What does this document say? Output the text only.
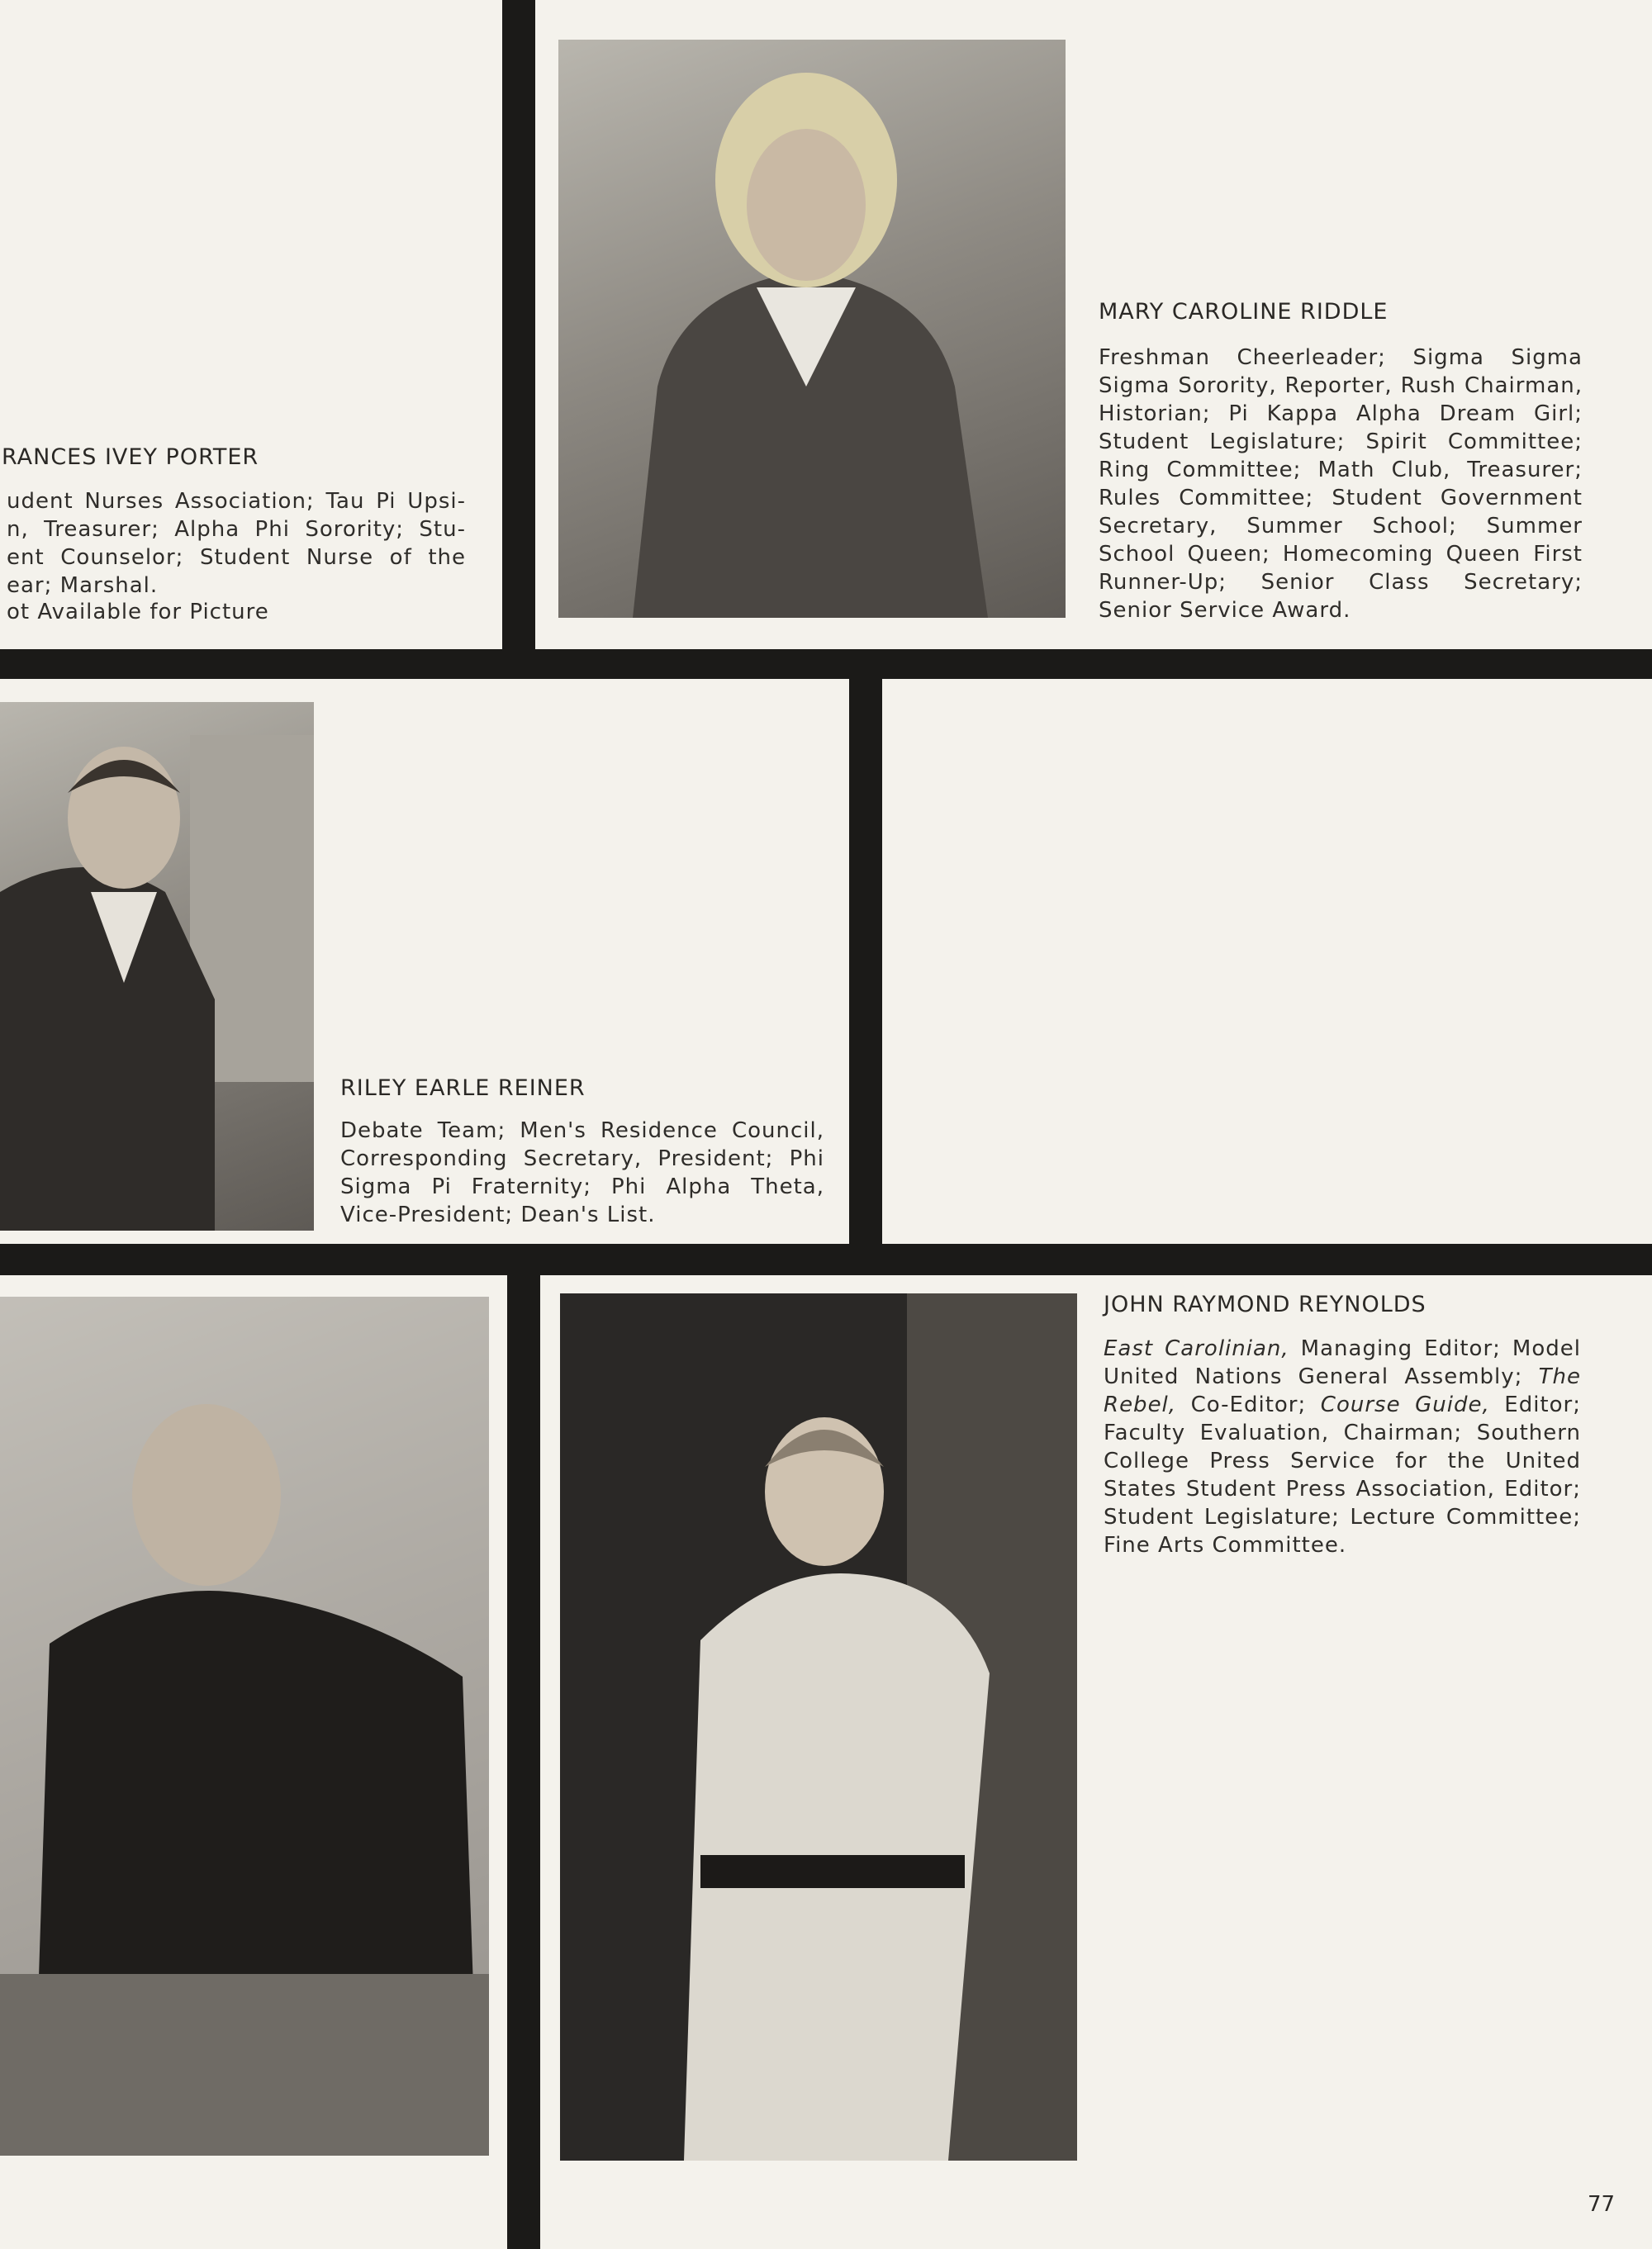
RANCES IVEY PORTER

udent Nurses Association; Tau Pi Upsi- n, Treasurer; Alpha Phi Sorority; Stu- ent Counselor; Student Nurse of the ear; Marshal.

ot Available for Picture
MARY CAROLINE RIDDLE

Freshman Cheerleader; Sigma Sigma Sigma Sorority, Reporter, Rush Chairman, Historian; Pi Kappa Alpha Dream Girl; Student Legislature; Spirit Committee; Ring Committee; Math Club, Treasurer; Rules Committee; Student Government Secretary, Summer School; Summer School Queen; Homecoming Queen First Runner-Up; Senior Class Secretary; Senior Service Award.

RILEY EARLE REINER

Debate Team; Men's Residence Council, Corresponding Secretary, President; Phi Sigma Pi Fraternity; Phi Alpha Theta, Vice-President; Dean's List.

JOHN RAYMOND REYNOLDS

East Carolinian, Managing Editor; Model United Nations General Assembly; The Rebel, Co-Editor; Course Guide, Editor; Faculty Evaluation, Chairman; Southern College Press Service for the United States Student Press Association, Editor; Student Legislature; Lecture Committee; Fine Arts Committee.

77
